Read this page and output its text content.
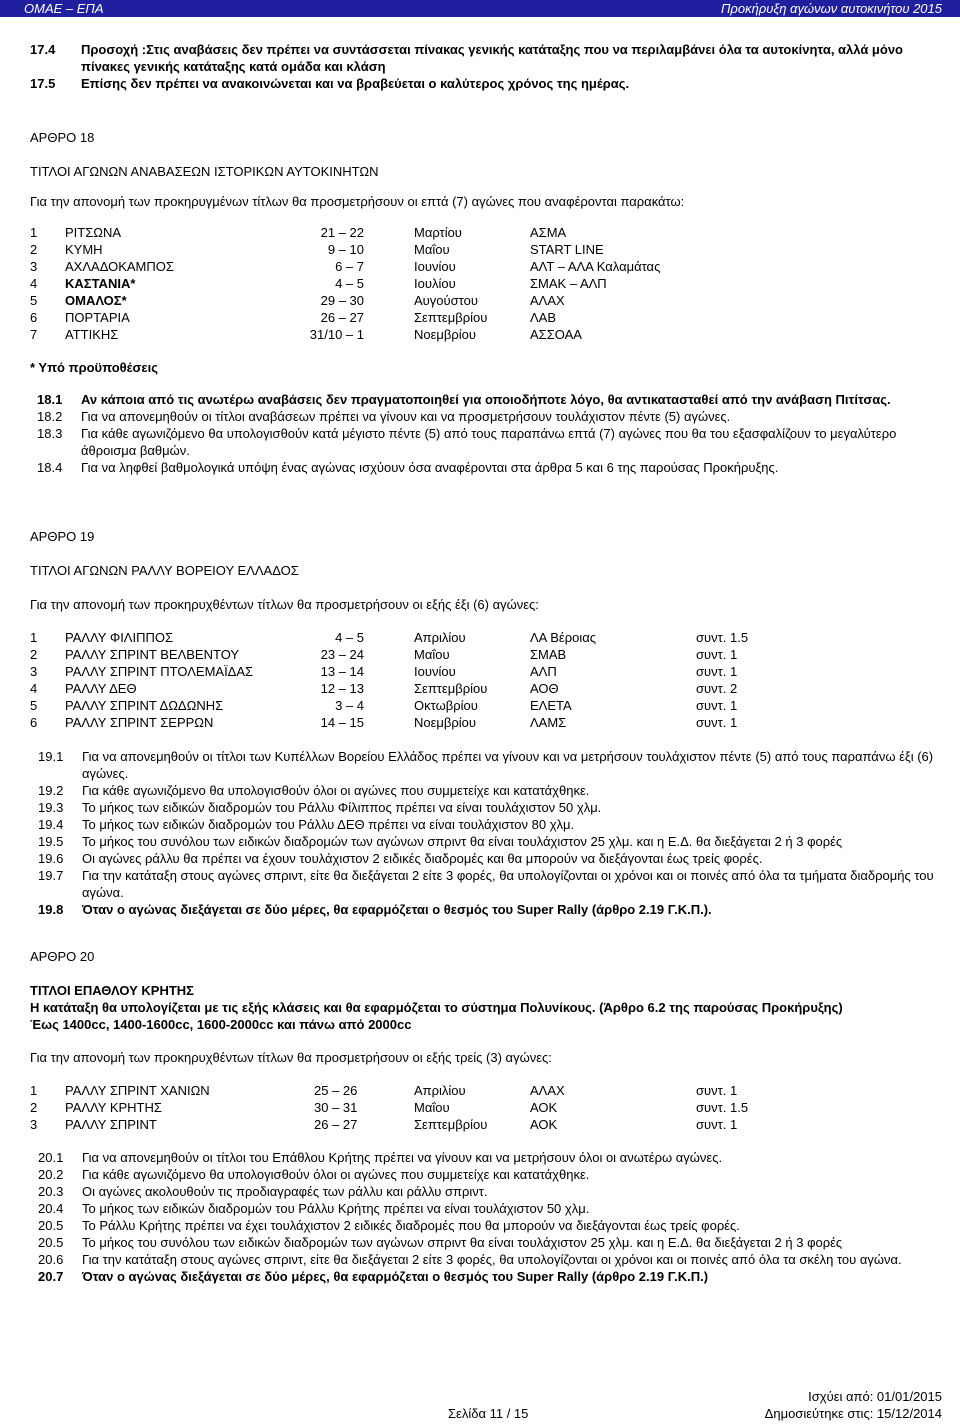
ΟΜΑΕ – ΕΠΑ	Προκήρυξη αγώνων αυτοκινήτου 2015
17.4 Προσοχή :Στις αναβάσεις δεν πρέπει να συντάσσεται πίνακας γενικής κατάταξης που να περιλαμβάνει όλα τα αυτοκίνητα, αλλά μόνο πίνακες γενικής κατάταξης κατά ομάδα και κλάση
17.5 Επίσης δεν πρέπει να ανακοινώνεται και να βραβεύεται ο καλύτερος χρόνος της ημέρας.
ΑΡΘΡΟ 18
ΤΙΤΛΟΙ ΑΓΩΝΩΝ ΑΝΑΒΑΣΕΩΝ ΙΣΤΟΡΙΚΩΝ ΑΥΤΟΚΙΝΗΤΩΝ
Για την απονομή των προκηρυγμένων τίτλων θα προσμετρήσουν οι επτά (7) αγώνες που αναφέρονται παρακάτω:
1 ΡΙΤΣΩΝΑ	21 – 22	Μαρτίου	ΑΣΜΑ
2 ΚΥΜΗ	9 – 10	Μαΐου	START LINE
3 ΑΧΛΑΔΟΚΑΜΠΟΣ	6 – 7	Ιουνίου	ΑΛΤ – ΑΛΑ Καλαμάτας
4 ΚΑΣΤΑΝΙΑ*	4 – 5	Ιουλίου	ΣΜΑΚ – ΑΛΠ
5 ΟΜΑΛΟΣ*	29 – 30	Αυγούστου	ΑΛΑΧ
6 ΠΟΡΤΑΡΙΑ	26 – 27	Σεπτεμβρίου	ΛΑΒ
7 ΑΤΤΙΚΗΣ	31/10 – 1	Νοεμβρίου	ΑΣΣΟΑΑ
* Υπό προϋποθέσεις
18.1 Αν κάποια από τις ανωτέρω αναβάσεις δεν πραγματοποιηθεί για οποιοδήποτε λόγο, θα αντικατασταθεί από την ανάβαση Πιτίτσας.
18.2 Για να απονεμηθούν οι τίτλοι αναβάσεων πρέπει να γίνουν και να προσμετρήσουν τουλάχιστον πέντε (5) αγώνες.
18.3 Για κάθε αγωνιζόμενο θα υπολογισθούν κατά μέγιστο πέντε (5) από τους παραπάνω επτά (7) αγώνες που θα του εξασφαλίζουν το μεγαλύτερο άθροισμα βαθμών.
18.4 Για να ληφθεί βαθμολογικά υπόψη ένας αγώνας ισχύουν όσα αναφέρονται στα άρθρα 5 και 6 της παρούσας Προκήρυξης.
ΑΡΘΡΟ 19
ΤΙΤΛΟΙ ΑΓΩΝΩΝ ΡΑΛΛΥ ΒΟΡΕΙΟΥ ΕΛΛΑΔΟΣ
Για την απονομή των προκηρυχθέντων τίτλων θα προσμετρήσουν οι εξής έξι (6) αγώνες:
1 ΡΑΛΛΥ ΦΙΛΙΠΠΟΣ	4 – 5	Απριλίου	ΛΑ Βέροιας	συντ. 1.5
2 ΡΑΛΛΥ ΣΠΡΙΝΤ ΒΕΛΒΕΝΤΟΥ	23 – 24	Μαΐου	ΣΜΑΒ	συντ. 1
3 ΡΑΛΛΥ ΣΠΡΙΝΤ ΠΤΟΛΕΜΑΪΔΑΣ	13 – 14	Ιουνίου	ΑΛΠ	συντ. 1
4 ΡΑΛΛΥ ΔΕΘ	12 – 13	Σεπτεμβρίου	ΑΟΘ	συντ. 2
5 ΡΑΛΛΥ ΣΠΡΙΝΤ ΔΩΔΩΝΗΣ	3 – 4	Οκτωβρίου	ΕΛΕΤΑ	συντ. 1
6 ΡΑΛΛΥ ΣΠΡΙΝΤ ΣΕΡΡΩΝ	14 – 15	Νοεμβρίου	ΛΑΜΣ	συντ. 1
19.1 Για να απονεμηθούν οι τίτλοι των Κυπέλλων Βορείου Ελλάδος πρέπει να γίνουν και να μετρήσουν τουλάχιστον πέντε (5) από τους παραπάνω έξι (6) αγώνες.
19.2 Για κάθε αγωνιζόμενο θα υπολογισθούν όλοι οι αγώνες που συμμετείχε και κατατάχθηκε.
19.3 Το μήκος των ειδικών διαδρομών του Ράλλυ Φίλιππος πρέπει να είναι τουλάχιστον 50 χλμ.
19.4 Το μήκος των ειδικών διαδρομών του Ράλλυ ΔΕΘ πρέπει να είναι τουλάχιστον 80 χλμ.
19.5 Το μήκος του συνόλου των ειδικών διαδρομών των αγώνων σπριντ θα είναι τουλάχιστον 25 χλμ. και η Ε.Δ. θα διεξάγεται 2 ή 3 φορές
19.6 Οι αγώνες ράλλυ θα πρέπει να έχουν τουλάχιστον 2 ειδικές διαδρομές και θα μπορούν να διεξάγονται έως τρείς φορές.
19.7 Για την κατάταξη στους αγώνες σπριντ, είτε θα διεξάγεται 2 είτε 3 φορές, θα υπολογίζονται οι χρόνοι και οι ποινές από όλα τα τμήματα διαδρομής του αγώνα.
19.8 Όταν ο αγώνας διεξάγεται σε δύο μέρες, θα εφαρμόζεται ο θεσμός του Super Rally (άρθρο 2.19 Γ.Κ.Π.).
ΑΡΘΡΟ 20
ΤΙΤΛΟΙ ΕΠΑΘΛΟΥ ΚΡΗΤΗΣ
Η κατάταξη θα υπολογίζεται με τις εξής κλάσεις και θα εφαρμόζεται το σύστημα Πολυνίκους. (Άρθρο 6.2 της παρούσας Προκήρυξης)
Έως 1400cc, 1400-1600cc, 1600-2000cc και πάνω από 2000cc
Για την απονομή των προκηρυχθέντων τίτλων θα προσμετρήσουν οι εξής τρείς (3) αγώνες:
1 ΡΑΛΛΥ ΣΠΡΙΝΤ ΧΑΝΙΩΝ	25 – 26	Απριλίου	ΑΛΑΧ	συντ. 1
2 ΡΑΛΛΥ ΚΡΗΤΗΣ	30 – 31	Μαΐου	ΑΟΚ	συντ. 1.5
3 ΡΑΛΛΥ ΣΠΡΙΝΤ	26 – 27	Σεπτεμβρίου	ΑΟΚ	συντ. 1
20.1 Για να απονεμηθούν οι τίτλοι του Επάθλου Κρήτης πρέπει να γίνουν και να μετρήσουν όλοι οι ανωτέρω αγώνες.
20.2 Για κάθε αγωνιζόμενο θα υπολογισθούν όλοι οι αγώνες που συμμετείχε και κατατάχθηκε.
20.3 Οι αγώνες ακολουθούν τις προδιαγραφές των ράλλυ και ράλλυ σπριντ.
20.4 Το μήκος των ειδικών διαδρομών του Ράλλυ Κρήτης πρέπει να είναι τουλάχιστον 50 χλμ.
20.5 Το Ράλλυ Κρήτης πρέπει να έχει τουλάχιστον 2 ειδικές διαδρομές που θα μπορούν να διεξάγονται έως τρείς φορές.
20.5 Το μήκος του συνόλου των ειδικών διαδρομών των αγώνων σπριντ θα είναι τουλάχιστον 25 χλμ. και η Ε.Δ. θα διεξάγεται 2 ή 3 φορές
20.6 Για την κατάταξη στους αγώνες σπριντ, είτε θα διεξάγεται 2 είτε 3 φορές, θα υπολογίζονται οι χρόνοι και οι ποινές από όλα τα σκέλη του αγώνα.
20.7 Όταν ο αγώνας διεξάγεται σε δύο μέρες, θα εφαρμόζεται ο θεσμός του Super Rally (άρθρο 2.19 Γ.Κ.Π.)
Ισχύει από: 01/01/2015
Σελίδα 11 / 15	Δημοσιεύτηκε στις: 15/12/2014
